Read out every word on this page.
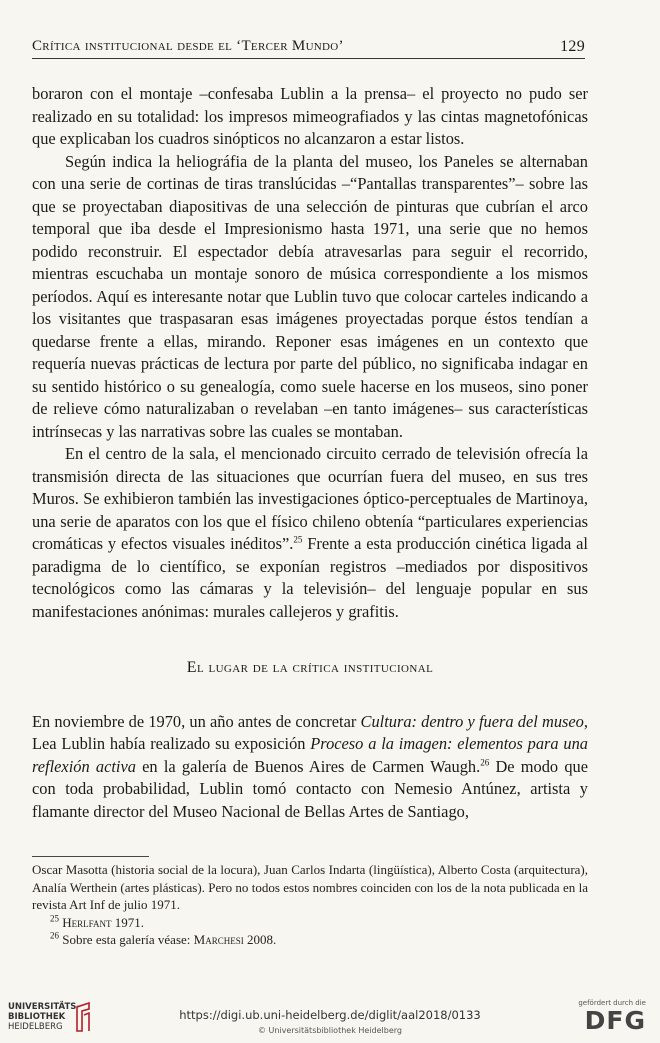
Crítica institucional desde el ‘Tercer Mundo’	129

boraron con el montaje –confesaba Lublin a la prensa– el proyecto no pudo ser realizado en su totalidad: los impresos mimeografiados y las cintas magnetofónicas que explicaban los cuadros sinópticos no alcanzaron a estar listos.

Según indica la heliográfia de la planta del museo, los Paneles se alternaban con una serie de cortinas de tiras translúcidas –“Pantallas transparentes”– sobre las que se proyectaban diapositivas de una selección de pinturas que cubrían el arco temporal que iba desde el Impresionismo hasta 1971, una serie que no hemos podido reconstruir. El espectador debía atravesarlas para seguir el recorrido, mientras escuchaba un montaje sonoro de música correspondiente a los mismos períodos. Aquí es interesante notar que Lublin tuvo que colocar carteles indicando a los visitantes que traspasaran esas imágenes proyectadas porque éstos tendían a quedarse frente a ellas, mirando. Reponer esas imágenes en un contexto que requería nuevas prácticas de lectura por parte del público, no significaba indagar en su sentido histórico o su genealogía, como suele hacerse en los museos, sino poner de relieve cómo naturalizaban o revelaban –en tanto imágenes– sus características intrínsecas y las narrativas sobre las cuales se montaban.

En el centro de la sala, el mencionado circuito cerrado de televisión ofrecía la transmisión directa de las situaciones que ocurrían fuera del museo, en sus tres Muros. Se exhibieron también las investigaciones óptico-perceptuales de Martinoya, una serie de aparatos con los que el físico chileno obtenía “particulares experiencias cromáticas y efectos visuales inéditos”.$^{25}$ Frente a esta producción cinética ligada al paradigma de lo científico, se exponían registros –mediados por dispositivos tecnológicos como las cámaras y la televisión– del lenguaje popular en sus manifestaciones anónimas: murales callejeros y grafitis.

El lugar de la crítica institucional

En noviembre de 1970, un año antes de concretar Cultura: dentro y fuera del museo, Lea Lublin había realizado su exposición Proceso a la imagen: elementos para una reflexión activa en la galería de Buenos Aires de Carmen Waugh.$^{26}$ De modo que con toda probabilidad, Lublin tomó contacto con Nemesio Antúnez, artista y flamante director del Museo Nacional de Bellas Artes de Santiago,

Oscar Masotta (historia social de la locura), Juan Carlos Indarta (lingüística), Alberto Costa (arquitectura), Analía Werthein (artes plásticas). Pero no todos estos nombres coinciden con los de la nota publicada en la revista Art Inf de julio 1971.

$^{25}$ Herlfant 1971.

$^{26}$ Sobre esta galería véase: Marchesi 2008.

UNIVERSITÄTS-
BIBLIOTHEK
HEIDELBERG
https://digi.ub.uni-heidelberg.de/diglit/aal2018/0133
© Universitätsbibliothek Heidelberg
gefördert durch die
DFG
